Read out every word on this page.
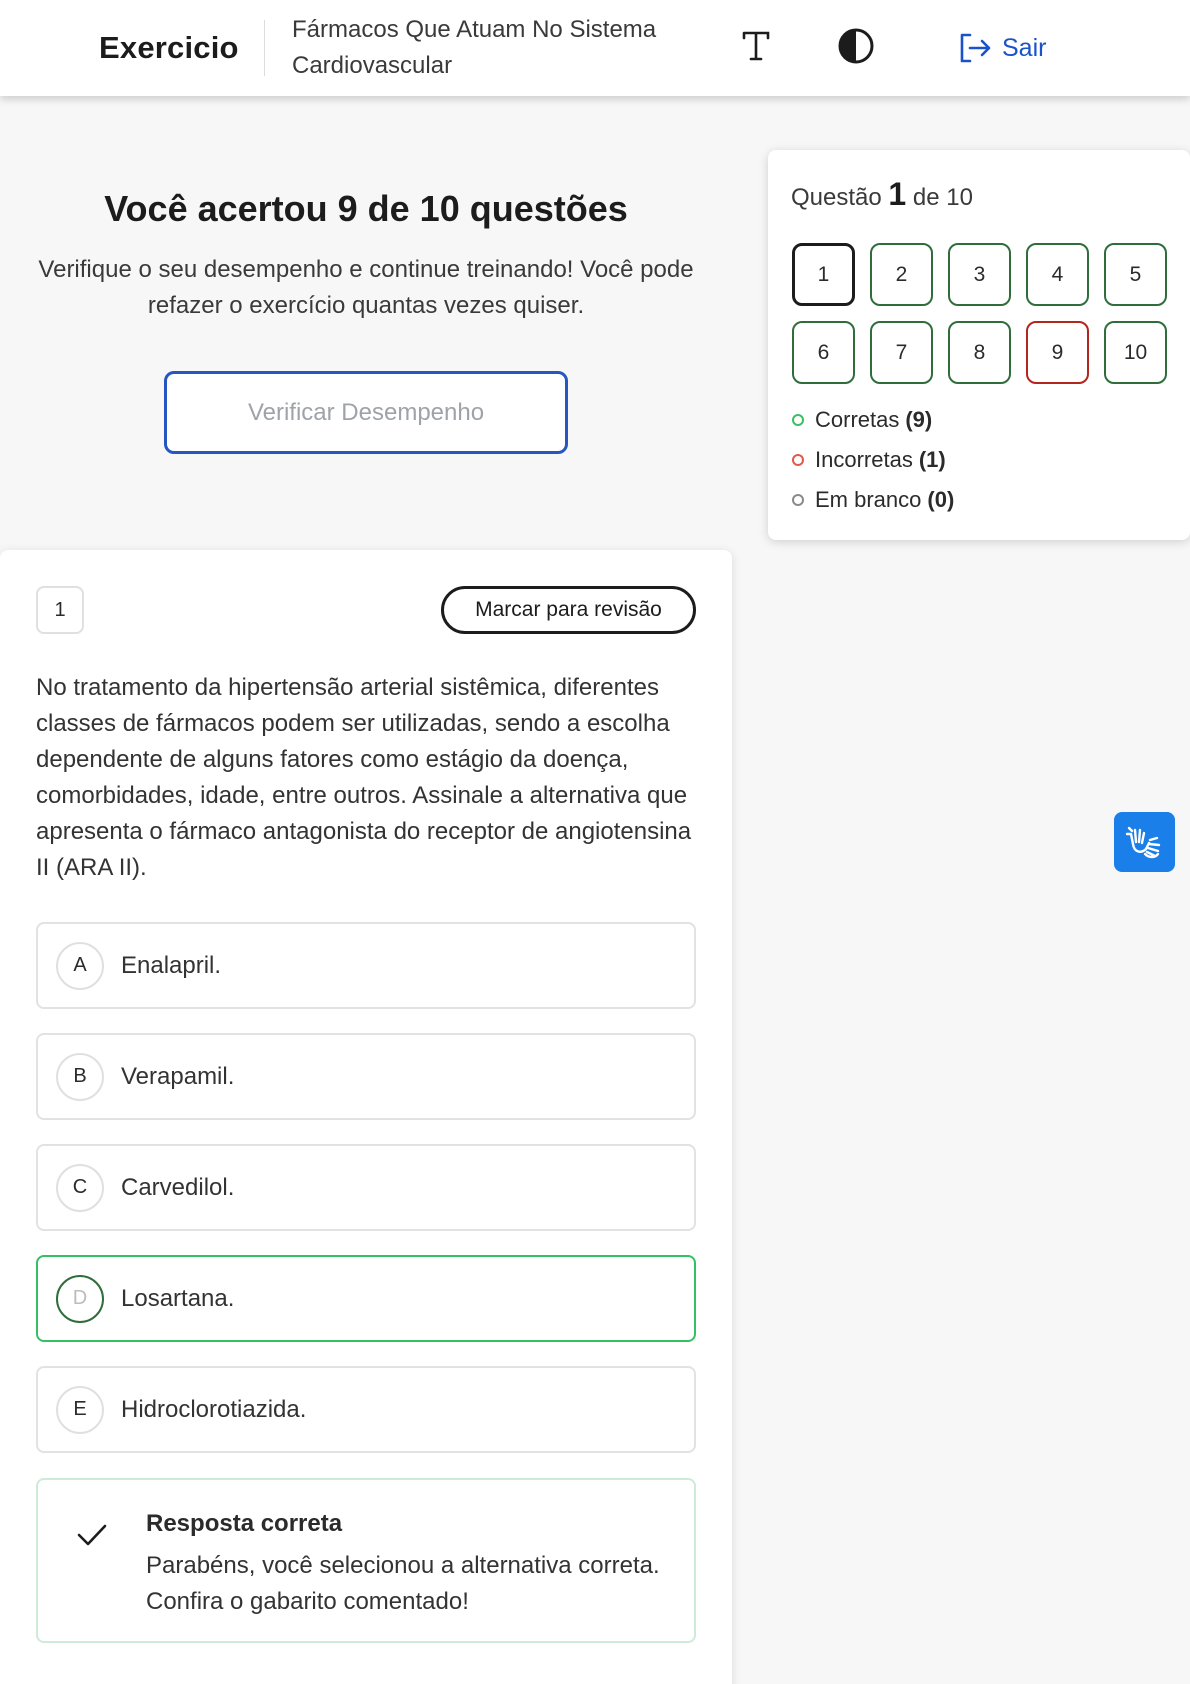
Exercicio
Fármacos Que Atuam No Sistema Cardiovascular
Sair
Você acertou 9 de 10 questões
Verifique o seu desempenho e continue treinando! Você pode refazer o exercício quantas vezes quiser.
Verificar Desempenho
Questão 1 de 10
1	2	3	4	5
6	7	8	9	10
Corretas (9)
Incorretas (1)
Em branco (0)
1	Marcar para revisão
No tratamento da hipertensão arterial sistêmica, diferentes classes de fármacos podem ser utilizadas, sendo a escolha dependente de alguns fatores como estágio da doença, comorbidades, idade, entre outros. Assinale a alternativa que apresenta o fármaco antagonista do receptor de angiotensina II (ARA II).
A	Enalapril.
B	Verapamil.
C	Carvedilol.
D	Losartana.
E	Hidroclorotiazida.
Resposta correta
Parabéns, você selecionou a alternativa correta. Confira o gabarito comentado!
